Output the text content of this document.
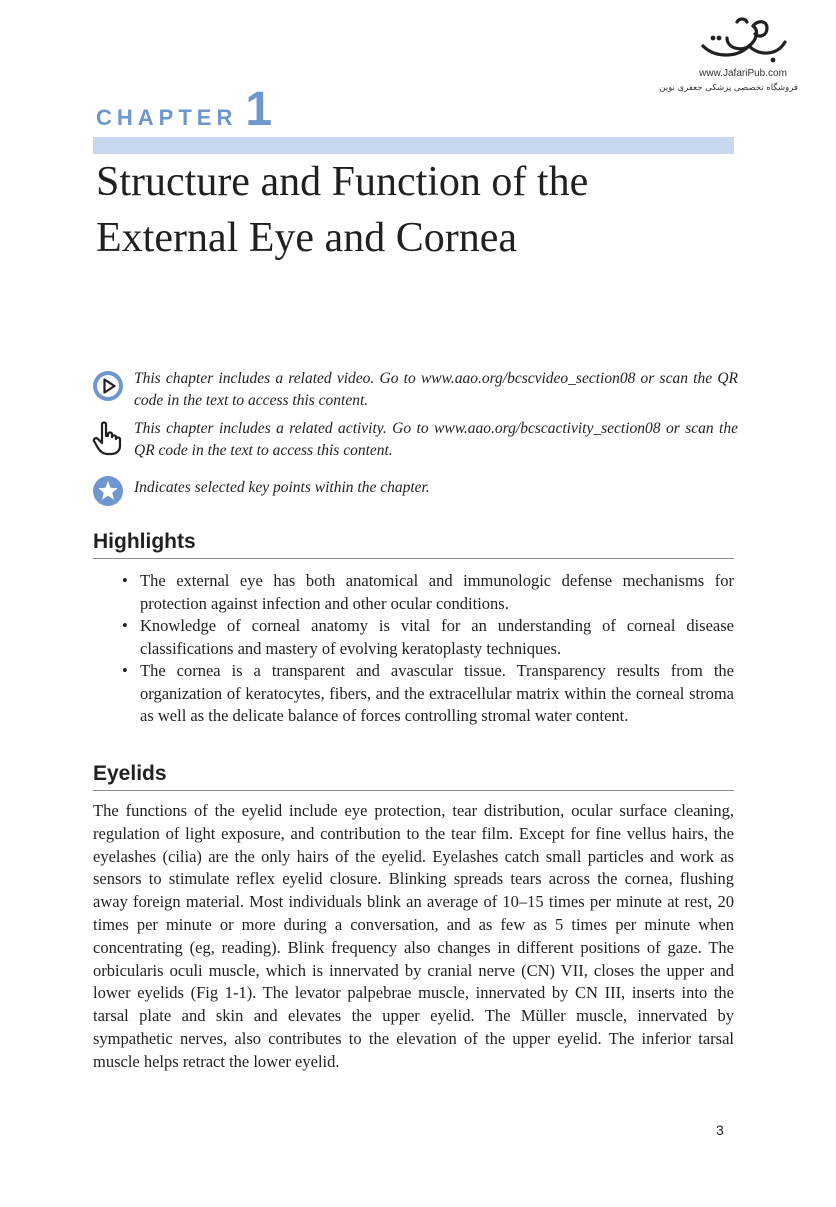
www.JafariPub.com
فروشگاه تخصصی پزشکی جعفری نوین
CHAPTER 1
Structure and Function of the
External Eye and Cornea
This chapter includes a related video. Go to www.aao.org/bcscvideo_section08 or scan the QR code in the text to access this content.
This chapter includes a related activity. Go to www.aao.org/bcscactivity_section08 or scan the QR code in the text to access this content.
Indicates selected key points within the chapter.
Highlights
• The external eye has both anatomical and immunologic defense mechanisms for protection against infection and other ocular conditions.
• Knowledge of corneal anatomy is vital for an understanding of corneal disease classifications and mastery of evolving keratoplasty techniques.
• The cornea is a transparent and avascular tissue. Transparency results from the organization of keratocytes, fibers, and the extracellular matrix within the corneal stroma as well as the delicate balance of forces controlling stromal water content.
Eyelids

The functions of the eyelid include eye protection, tear distribution, ocular surface cleaning, regulation of light exposure, and contribution to the tear film. Except for fine vellus hairs, the eyelashes (cilia) are the only hairs of the eyelid. Eyelashes catch small particles and work as sensors to stimulate reflex eyelid closure. Blinking spreads tears across the cornea, flushing away foreign material. Most individuals blink an average of 10–15 times per minute at rest, 20 times per minute or more during a conversation, and as few as 5 times per minute when concentrating (eg, reading). Blink frequency also changes in different positions of gaze. The orbicularis oculi muscle, which is innervated by cranial nerve (CN) VII, closes the upper and lower eyelids (Fig 1-1). The levator palpebrae muscle, innervated by CN III, inserts into the tarsal plate and skin and elevates the upper eyelid. The Müller muscle, innervated by sympathetic nerves, also contributes to the elevation of the upper eyelid. The inferior tarsal muscle helps retract the lower eyelid.

3
